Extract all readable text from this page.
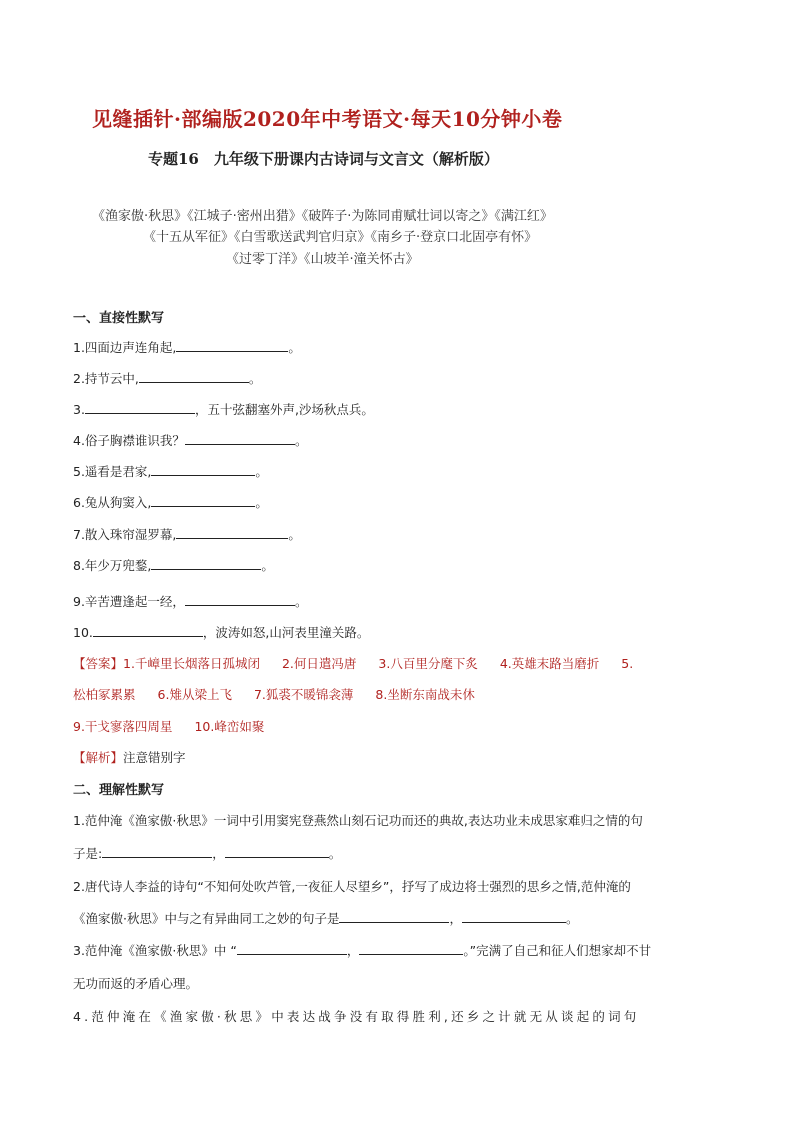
见缝插针·部编版2020年中考语文·每天10分钟小卷
专题16　九年级下册课内古诗词与文言文（解析版）
《渔家傲·秋思》《江城子·密州出猎》《破阵子·为陈同甫赋壮词以寄之》《满江红》
《十五从军征》《白雪歌送武判官归京》《南乡子·登京口北固亭有怀》
《过零丁洋》《山坡羊·潼关怀古》
一、直接性默写
1.四面边声连角起,	。
2.持节云中,	。
3.	，五十弦翻塞外声,沙场秋点兵。
4.俗子胸襟谁识我？	。
5.遥看是君家,	。
6.兔从狗窦入,	。
7.散入珠帘湿罗幕,	。
8.年少万兜鍪,	。
9.辛苦遭逢起一经，	。
10.	，波涛如怒,山河表里潼关路。
【答案】1.千嶂里长烟落日孤城闭 2.何日遣冯唐 3.八百里分麾下炙 4.英雄末路当磨折 5.
松柏冢累累 6.雉从梁上飞 7.狐裘不暖锦衾薄 8.坐断东南战未休
9.干戈寥落四周星 10.峰峦如聚
【解析】注意错别字
二、理解性默写
1.范仲淹《渔家傲·秋思》一词中引用窦宪登燕然山刻石记功而还的典故,表达功业未成思家难归之情的句
子是:	，	。
2.唐代诗人李益的诗句“不知何处吹芦管,一夜征人尽望乡”，抒写了成边将士强烈的思乡之情,范仲淹的
《渔家傲·秋思》中与之有异曲同工之妙的句子是	，	。
3.范仲淹《渔家傲·秋思》中 “	，	。”完满了自己和征人们想家却不甘
无功而返的矛盾心理。
4.范仲淹在《渔家傲·秋思》中表达战争没有取得胜利,还乡之计就无从谈起的词句
